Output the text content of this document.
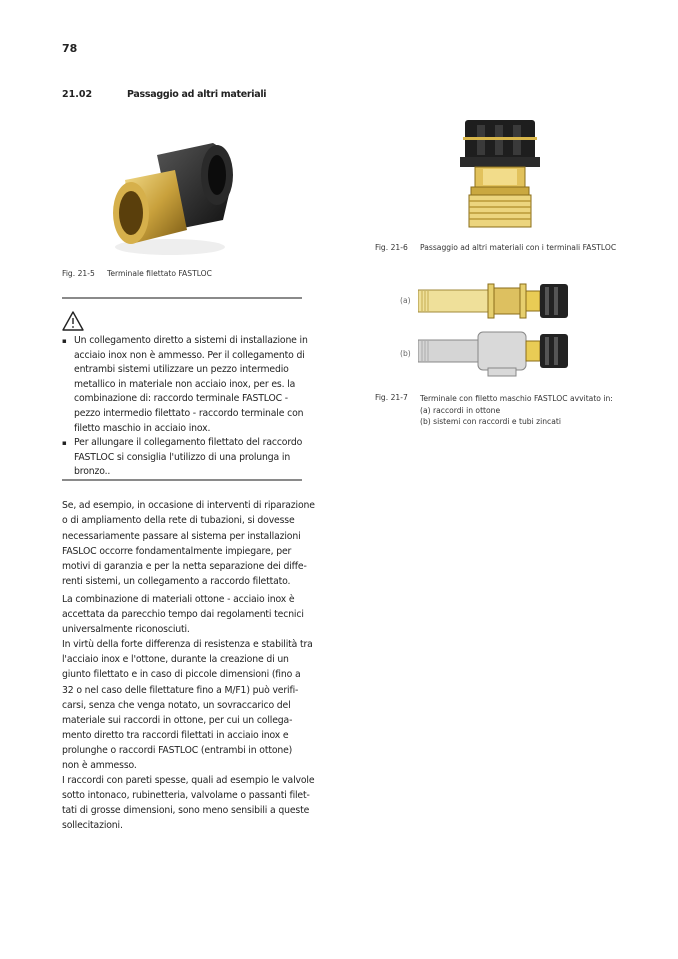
78
21.02	Passaggio ad altri materiali
Fig. 21-5 Terminale filettato FASTLOC
▪ Un collegamento diretto a sistemi di installazione in
acciaio inox non è ammesso. Per il collegamento di
entrambi sistemi utilizzare un pezzo intermedio
metallico in materiale non acciaio inox, per es. la
combinazione di: raccordo terminale FASTLOC -
pezzo intermedio filettato - raccordo terminale con
filetto maschio in acciaio inox.
▪ Per allungare il collegamento filettato del raccordo
FASTLOC si consiglia l'utilizzo di una prolunga in
bronzo..
Se, ad esempio, in occasione di interventi di riparazione
o di ampliamento della rete di tubazioni, si dovesse
necessariamente passare al sistema per installazioni
FASLOC occorre fondamentalmente impiegare, per
motivi di garanzia e per la netta separazione dei diffe-
renti sistemi, un collegamento a raccordo filettato.
La combinazione di materiali ottone - acciaio inox è
accettata da parecchio tempo dai regolamenti tecnici
universalmente riconosciuti.
In virtù della forte differenza di resistenza e stabilità tra
l'acciaio inox e l'ottone, durante la creazione di un
giunto filettato e in caso di piccole dimensioni (fino a
32 o nel caso delle filettature fino a M/F1) può verifi-
carsi, senza che venga notato, un sovraccarico del
materiale sui raccordi in ottone, per cui un collega-
mento diretto tra raccordi filettati in acciaio inox e
prolunghe o raccordi FASTLOC (entrambi in ottone)
non è ammesso.
I raccordi con pareti spesse, quali ad esempio le valvole
sotto intonaco, rubinetteria, valvolame o passanti filet-
tati di grosse dimensioni, sono meno sensibili a queste
sollecitazioni.
Fig. 21-6 Passaggio ad altri materiali con i terminali FASTLOC
(a)
(b)
Fig. 21-7 Terminale con filetto maschio FASTLOC avvitato in:
(a) raccordi in ottone
(b) sistemi con raccordi e tubi zincati
